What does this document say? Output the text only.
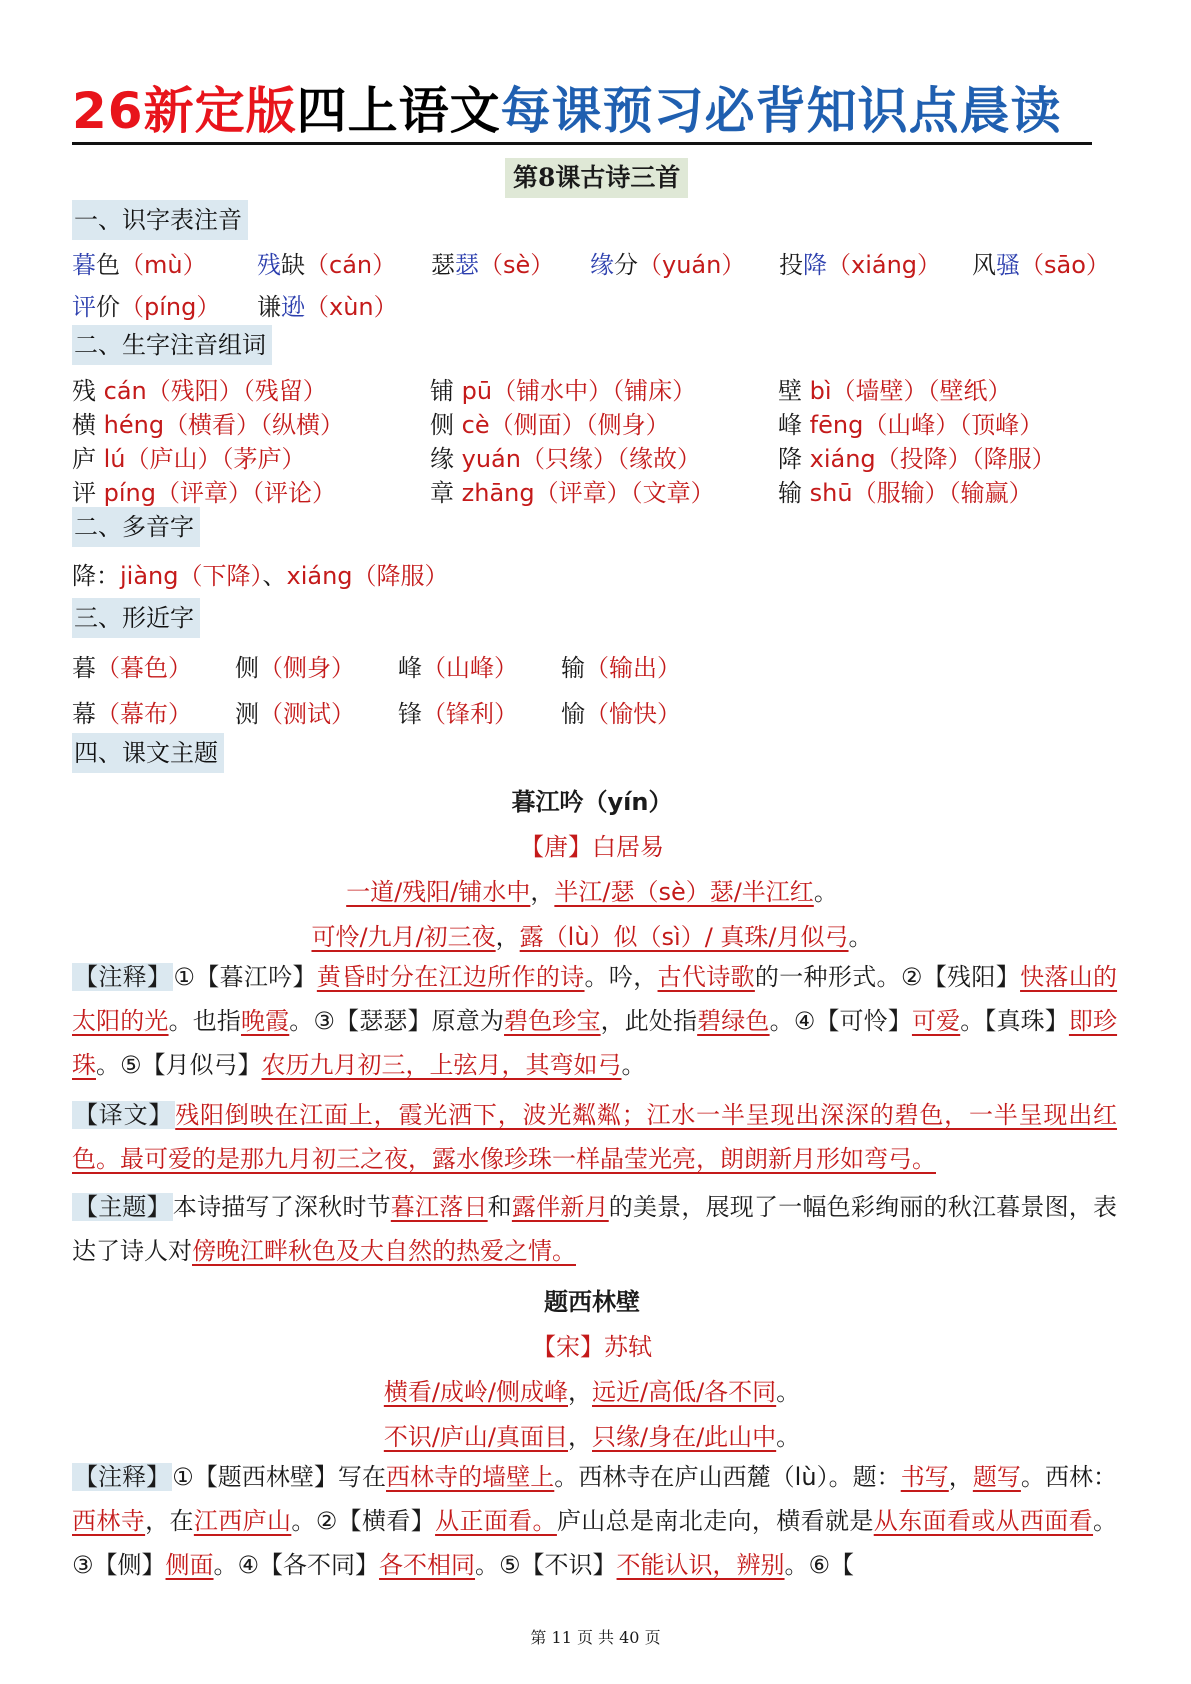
26新定版四上语文每课预习必背知识点晨读
第8课古诗三首
一、识字表注音
暮色（mù） 残缺（cán） 瑟瑟（sè） 缘分（yuán） 投降（xiáng） 风骚（sāo）
评价（píng） 谦逊（xùn）
二、生字注音组词
残 cán（残阳）（残留）	铺 pū（铺水中）（铺床）	壁 bì（墙壁）（壁纸）
横 héng（横看）（纵横）	侧 cè（侧面）（侧身）	峰 fēng（山峰）（顶峰）
庐 lú（庐山）（茅庐）	缘 yuán（只缘）（缘故）	降 xiáng（投降）（降服）
评 píng（评章）（评论）	章 zhāng（评章）（文章）	输 shū（服输）（输赢）
二、多音字
降：jiàng（下降）、xiáng（降服）
三、形近字
暮（暮色） 侧（侧身） 峰（山峰） 输（输出）
幕（幕布） 测（测试） 锋（锋利） 愉（愉快）
四、课文主题
暮江吟（yín）
【唐】白居易
一道/残阳/铺水中，半江/瑟（sè）瑟/半江红。
可怜/九月/初三夜，露（lù）似（sì）/ 真珠/月似弓。
【注释】①【暮江吟】黄昏时分在江边所作的诗。吟，古代诗歌的一种形式。②【残阳】快落山的太阳的光。也指晚霞。③【瑟瑟】原意为碧色珍宝，此处指碧绿色。④【可怜】可爱。【真珠】即珍珠。⑤【月似弓】农历九月初三，上弦月，其弯如弓。
【译文】残阳倒映在江面上，霞光洒下，波光粼粼；江水一半呈现出深深的碧色，一半呈现出红色。最可爱的是那九月初三之夜，露水像珍珠一样晶莹光亮，朗朗新月形如弯弓。
【主题】本诗描写了深秋时节暮江落日和露伴新月的美景，展现了一幅色彩绚丽的秋江暮景图，表达了诗人对傍晚江畔秋色及大自然的热爱之情。
题西林壁
【宋】苏轼
横看/成岭/侧成峰，远近/高低/各不同。
不识/庐山/真面目，只缘/身在/此山中。
【注释】①【题西林壁】写在西林寺的墙壁上。西林寺在庐山西麓（lù）。题：书写，题写。西林：西林寺，在江西庐山。②【横看】从正面看。庐山总是南北走向，横看就是从东面看或从西面看。③【侧】侧面。④【各不同】各不相同。⑤【不识】不能认识，辨别。⑥【
第 11 页 共 40 页
